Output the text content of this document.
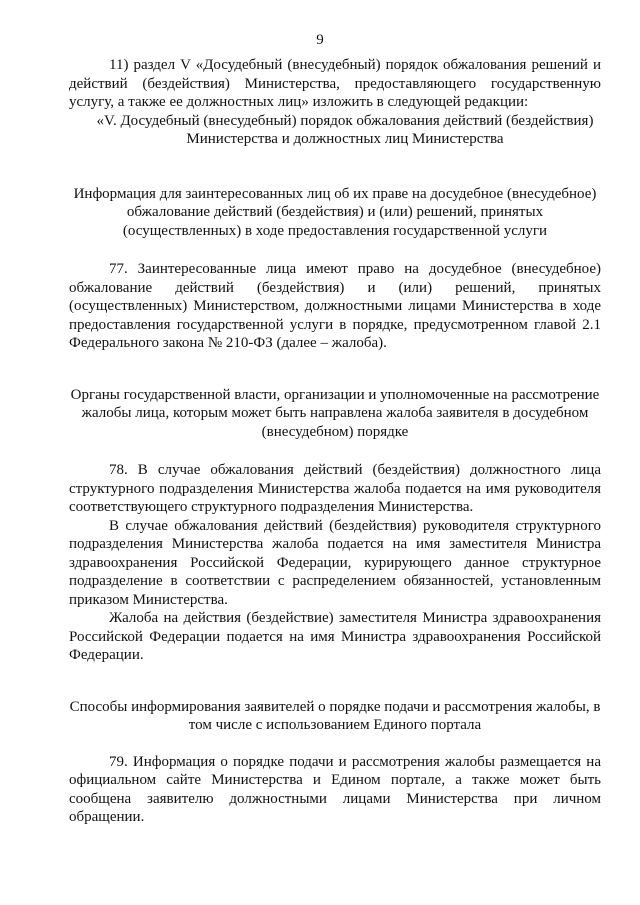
9

11) раздел V «Досудебный (внесудебный) порядок обжалования решений и действий (бездействия) Министерства, предоставляющего государственную услугу, а также ее должностных лиц» изложить в следующей редакции:

«V. Досудебный (внесудебный) порядок обжалования действий (бездействия) Министерства и должностных лиц Министерства

Информация для заинтересованных лиц об их праве на досудебное (внесудебное) обжалование действий (бездействия) и (или) решений, принятых (осуществленных) в ходе предоставления государственной услуги

77. Заинтересованные лица имеют право на досудебное (внесудебное) обжалование действий (бездействия) и (или) решений, принятых (осуществленных) Министерством, должностными лицами Министерства в ходе предоставления государственной услуги в порядке, предусмотренном главой 2.1 Федерального закона № 210-ФЗ (далее – жалоба).

Органы государственной власти, организации и уполномоченные на рассмотрение жалобы лица, которым может быть направлена жалоба заявителя в досудебном (внесудебном) порядке

78. В случае обжалования действий (бездействия) должностного лица структурного подразделения Министерства жалоба подается на имя руководителя соответствующего структурного подразделения Министерства.

В случае обжалования действий (бездействия) руководителя структурного подразделения Министерства жалоба подается на имя заместителя Министра здравоохранения Российской Федерации, курирующего данное структурное подразделение в соответствии с распределением обязанностей, установленным приказом Министерства.

Жалоба на действия (бездействие) заместителя Министра здравоохранения Российской Федерации подается на имя Министра здравоохранения Российской Федерации.

Способы информирования заявителей о порядке подачи и рассмотрения жалобы, в том числе с использованием Единого портала

79. Информация о порядке подачи и рассмотрения жалобы размещается на официальном сайте Министерства и Едином портале, а также может быть сообщена заявителю должностными лицами Министерства при личном обращении.
